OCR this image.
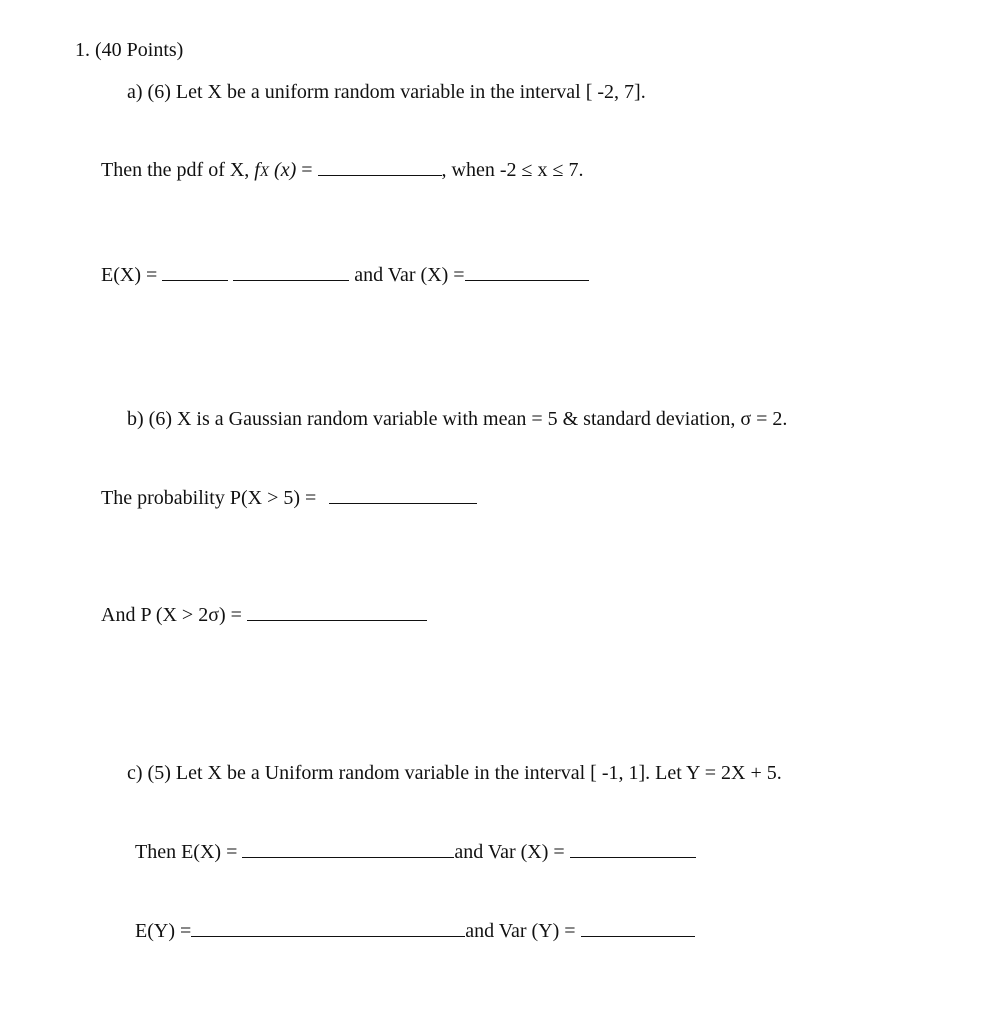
1. (40 Points)
a) (6) Let X be a uniform random variable in the interval [ -2, 7].
Then the pdf of X, fX (x) =	, when -2 ≤ x ≤ 7.
E(X) =	and Var (X) =
b) (6) X is a Gaussian random variable with mean = 5 & standard deviation, σ = 2.
The probability P(X > 5) =
And P (X > 2σ) =
c) (5) Let X be a Uniform random variable in the interval [ -1, 1]. Let Y = 2X + 5.
Then E(X) =	and Var (X) =
E(Y) =	and Var (Y) =
